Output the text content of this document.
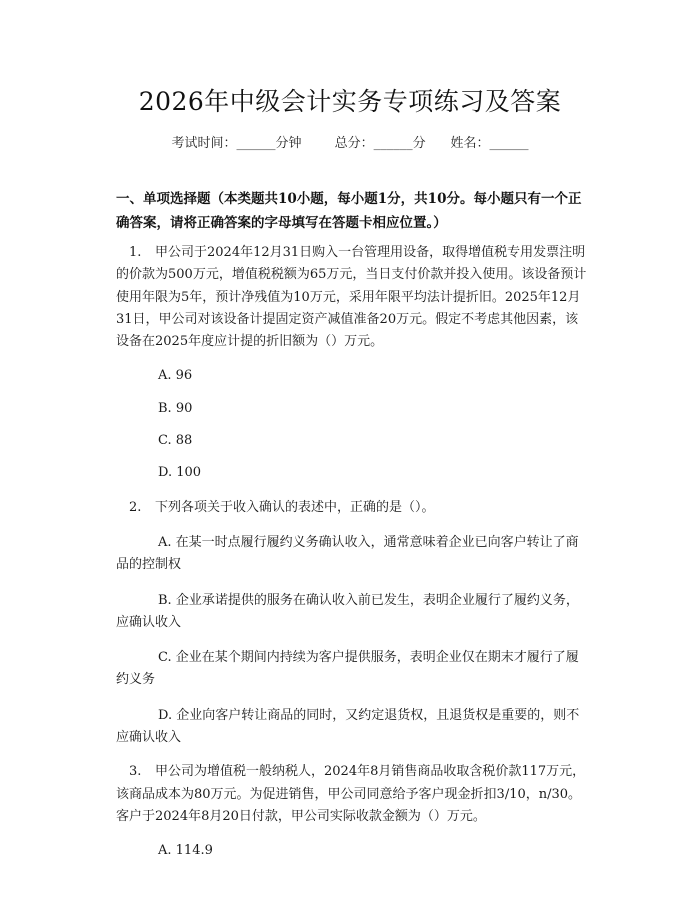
2026年中级会计实务专项练习及答案
考试时间：______分钟	总分：______分 姓名：______
一、单项选择题（本类题共10小题，每小题1分，共10分。每小题只有一个正确答案，请将正确答案的字母填写在答题卡相应位置。）

1. 甲公司于2024年12月31日购入一台管理用设备，取得增值税专用发票注明的价款为500万元，增值税税额为65万元，当日支付价款并投入使用。该设备预计使用年限为5年，预计净残值为10万元，采用年限平均法计提折旧。2025年12月31日，甲公司对该设备计提固定资产减值准备20万元。假定不考虑其他因素，该设备在2025年度应计提的折旧额为（）万元。

A. 96

B. 90

C. 88

D. 100

2. 下列各项关于收入确认的表述中，正确的是（）。

A. 在某一时点履行履约义务确认收入，通常意味着企业已向客户转让了商品的控制权

B. 企业承诺提供的服务在确认收入前已发生，表明企业履行了履约义务，应确认收入

C. 企业在某个期间内持续为客户提供服务，表明企业仅在期末才履行了履约义务

D. 企业向客户转让商品的同时，又约定退货权，且退货权是重要的，则不应确认收入

3. 甲公司为增值税一般纳税人，2024年8月销售商品收取含税价款117万元，该商品成本为80万元。为促进销售，甲公司同意给予客户现金折扣3/10，n/30。客户于2024年8月20日付款，甲公司实际收款金额为（）万元。

A. 114.9
